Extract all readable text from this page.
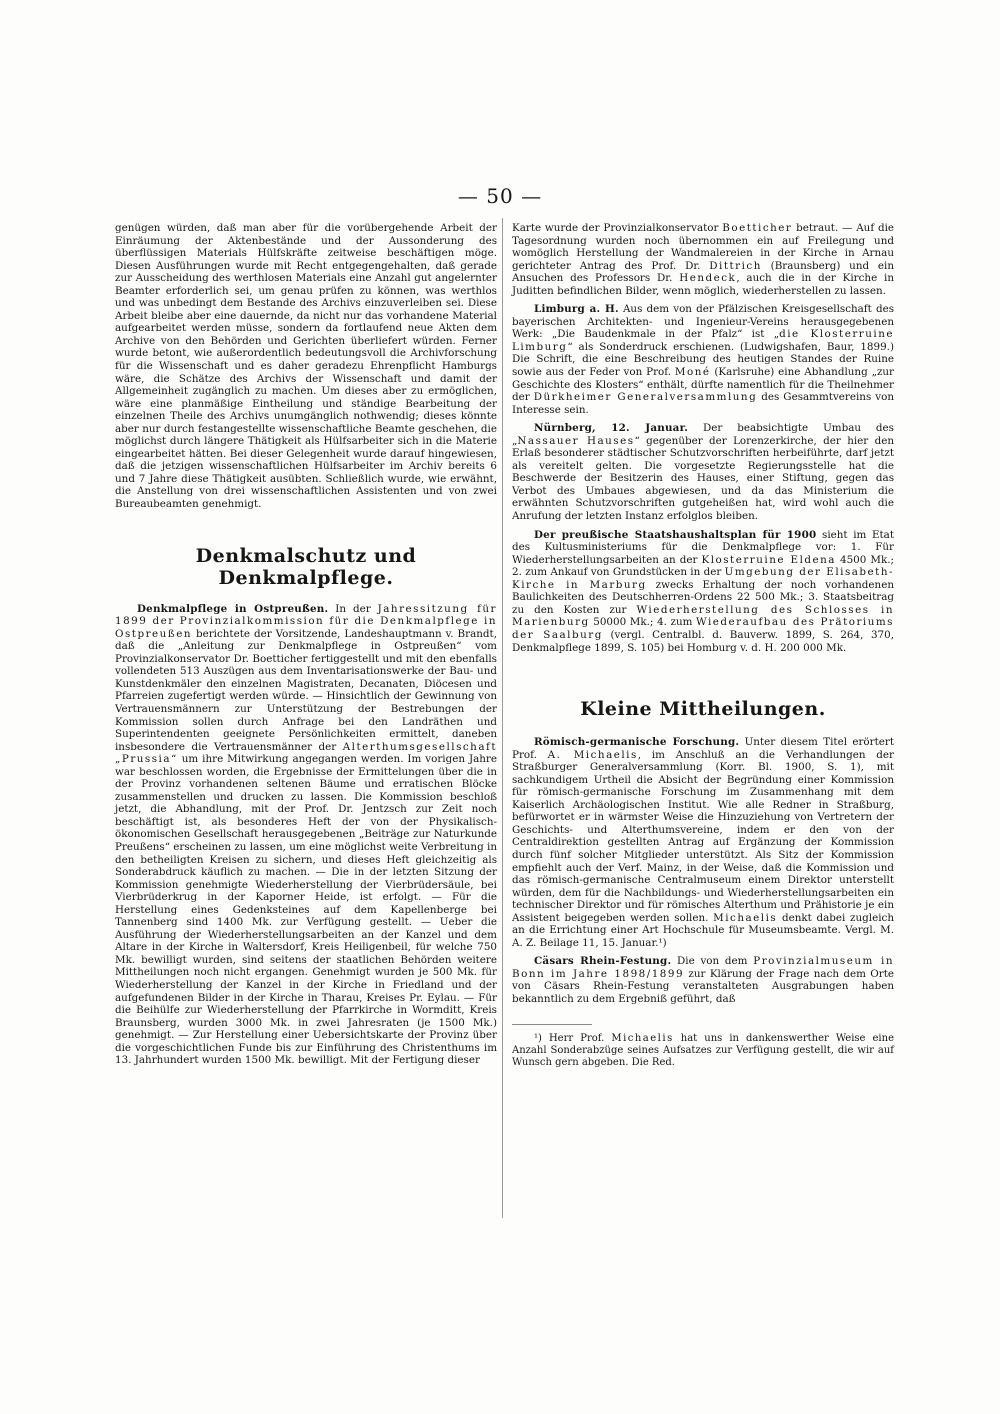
— 50 —

genügen würden, daß man aber für die vorübergehende Arbeit der Einräumung der Aktenbestände und der Aussonderung des überflüssigen Materials Hülfskräfte zeitweise beschäftigen möge. Diesen Ausführungen wurde mit Recht entgegengehalten, daß gerade zur Ausscheidung des werthlosen Materials eine Anzahl gut angelernter Beamter erforderlich sei, um genau prüfen zu können, was werthlos und was unbedingt dem Bestande des Archivs einzuverleiben sei. Diese Arbeit bleibe aber eine dauernde, da nicht nur das vorhandene Material aufgearbeitet werden müsse, sondern da fortlaufend neue Akten dem Archive von den Behörden und Gerichten überliefert würden. Ferner wurde betont, wie außerordentlich bedeutungsvoll die Archivforschung für die Wissenschaft und es daher geradezu Ehrenpflicht Hamburgs wäre, die Schätze des Archivs der Wissenschaft und damit der Allgemeinheit zugänglich zu machen. Um dieses aber zu ermöglichen, wäre eine planmäßige Eintheilung und ständige Bearbeitung der einzelnen Theile des Archivs unumgänglich nothwendig; dieses könnte aber nur durch festangestellte wissenschaftliche Beamte geschehen, die möglichst durch längere Thätigkeit als Hülfsarbeiter sich in die Materie eingearbeitet hätten. Bei dieser Gelegenheit wurde darauf hingewiesen, daß die jetzigen wissenschaftlichen Hülfsarbeiter im Archiv bereits 6 und 7 Jahre diese Thätigkeit ausübten. Schließlich wurde, wie erwähnt, die Anstellung von drei wissenschaftlichen Assistenten und von zwei Bureaubeamten genehmigt.

Denkmalschutz und Denkmalpflege.

Denkmalpflege in Ostpreußen. In der Jahressitzung für 1899 der Provinzialkommission für die Denkmalpflege in Ostpreußen berichtete der Vorsitzende, Landeshauptmann v. Brandt, daß die „Anleitung zur Denkmalpflege in Ostpreußen“ vom Provinzialkonservator Dr. Boetticher fertiggestellt und mit den ebenfalls vollendeten 513 Auszügen aus dem Inventarisationswerke der Bau- und Kunstdenkmäler den einzelnen Magistraten, Decanaten, Diöcesen und Pfarreien zugefertigt werden würde. — Hinsichtlich der Gewinnung von Vertrauensmännern zur Unterstützung der Bestrebungen der Kommission sollen durch Anfrage bei den Landräthen und Superintendenten geeignete Persönlichkeiten ermittelt, daneben insbesondere die Vertrauensmänner der Alterthumsgesellschaft „Prussia“ um ihre Mitwirkung angegangen werden. Im vorigen Jahre war beschlossen worden, die Ergebnisse der Ermittelungen über die in der Provinz vorhandenen seltenen Bäume und erratischen Blöcke zusammenstellen und drucken zu lassen. Die Kommission beschloß jetzt, die Abhandlung, mit der Prof. Dr. Jentzsch zur Zeit noch beschäftigt ist, als besonderes Heft der von der Physikalisch-ökonomischen Gesellschaft herausgegebenen „Beiträge zur Naturkunde Preußens“ erscheinen zu lassen, um eine möglichst weite Verbreitung in den betheiligten Kreisen zu sichern, und dieses Heft gleichzeitig als Sonderabdruck käuflich zu machen. — Die in der letzten Sitzung der Kommission genehmigte Wiederherstellung der Vierbrüdersäule, bei Vierbrüderkrug in der Kaporner Heide, ist erfolgt. — Für die Herstellung eines Gedenksteines auf dem Kapellenberge bei Tannenberg sind 1400 Mk. zur Verfügung gestellt. — Ueber die Ausführung der Wiederherstellungsarbeiten an der Kanzel und dem Altare in der Kirche in Waltersdorf, Kreis Heiligenbeil, für welche 750 Mk. bewilligt wurden, sind seitens der staatlichen Behörden weitere Mittheilungen noch nicht ergangen. Genehmigt wurden je 500 Mk. für Wiederherstellung der Kanzel in der Kirche in Friedland und der aufgefundenen Bilder in der Kirche in Tharau, Kreises Pr. Eylau. — Für die Beihülfe zur Wiederherstellung der Pfarrkirche in Wormditt, Kreis Braunsberg, wurden 3000 Mk. in zwei Jahresraten (je 1500 Mk.) genehmigt. — Zur Herstellung einer Uebersichtskarte der Provinz über die vorgeschichtlichen Funde bis zur Einführung des Christenthums im 13. Jahrhundert wurden 1500 Mk. bewilligt. Mit der Fertigung dieser

Karte wurde der Provinzialkonservator Boetticher betraut. — Auf die Tagesordnung wurden noch übernommen ein auf Freilegung und womöglich Herstellung der Wandmalereien in der Kirche in Arnau gerichteter Antrag des Prof. Dr. Dittrich (Braunsberg) und ein Ansuchen des Professors Dr. Hendeck, auch die in der Kirche in Juditten befindlichen Bilder, wenn möglich, wiederherstellen zu lassen.

Limburg a. H. Aus dem von der Pfälzischen Kreisgesellschaft des bayerischen Architekten- und Ingenieur-Vereins herausgegebenen Werk: „Die Baudenkmale in der Pfalz“ ist „die Klosterruine Limburg“ als Sonderdruck erschienen. (Ludwigshafen, Baur, 1899.) Die Schrift, die eine Beschreibung des heutigen Standes der Ruine sowie aus der Feder von Prof. Moné (Karlsruhe) eine Abhandlung „zur Geschichte des Klosters“ enthält, dürfte namentlich für die Theilnehmer der Dürkheimer Generalversammlung des Gesammtvereins von Interesse sein.

Nürnberg, 12. Januar. Der beabsichtigte Umbau des „Nassauer Hauses“ gegenüber der Lorenzerkirche, der hier den Erlaß besonderer städtischer Schutzvorschriften herbeiführte, darf jetzt als vereitelt gelten. Die vorgesetzte Regierungsstelle hat die Beschwerde der Besitzerin des Hauses, einer Stiftung, gegen das Verbot des Umbaues abgewiesen, und da das Ministerium die erwähnten Schutzvorschriften gutgeheißen hat, wird wohl auch die Anrufung der letzten Instanz erfolglos bleiben.

Der preußische Staatshaushaltsplan für 1900 sieht im Etat des Kultusministeriums für die Denkmalpflege vor: 1. Für Wiederherstellungsarbeiten an der Klosterruine Eldena 4500 Mk.; 2. zum Ankauf von Grundstücken in der Umgebung der Elisabeth-Kirche in Marburg zwecks Erhaltung der noch vorhandenen Baulichkeiten des Deutschherren-Ordens 22 500 Mk.; 3. Staatsbeitrag zu den Kosten zur Wiederherstellung des Schlosses in Marienburg 50000 Mk.; 4. zum Wiederaufbau des Prätoriums der Saalburg (vergl. Centralbl. d. Bauverw. 1899, S. 264, 370, Denkmalpflege 1899, S. 105) bei Homburg v. d. H. 200 000 Mk.

Kleine Mittheilungen.

Römisch-germanische Forschung. Unter diesem Titel erörtert Prof. A. Michaelis, im Anschluß an die Verhandlungen der Straßburger Generalversammlung (Korr. Bl. 1900, S. 1), mit sachkundigem Urtheil die Absicht der Begründung einer Kommission für römisch-germanische Forschung im Zusammenhang mit dem Kaiserlich Archäologischen Institut. Wie alle Redner in Straßburg, befürwortet er in wärmster Weise die Hinzuziehung von Vertretern der Geschichts- und Alterthumsvereine, indem er den von der Centraldirektion gestellten Antrag auf Ergänzung der Kommission durch fünf solcher Mitglieder unterstützt. Als Sitz der Kommission empfiehlt auch der Verf. Mainz, in der Weise, daß die Kommission und das römisch-germanische Centralmuseum einem Direktor unterstellt würden, dem für die Nachbildungs- und Wiederherstellungsarbeiten ein technischer Direktor und für römisches Alterthum und Prähistorie je ein Assistent beigegeben werden sollen. Michaelis denkt dabei zugleich an die Errichtung einer Art Hochschule für Museumsbeamte. Vergl. M. A. Z. Beilage 11, 15. Januar.¹)

Cäsars Rhein-Festung. Die von dem Provinzialmuseum in Bonn im Jahre 1898/1899 zur Klärung der Frage nach dem Orte von Cäsars Rhein-Festung veranstalteten Ausgrabungen haben bekanntlich zu dem Ergebniß geführt, daß

¹) Herr Prof. Michaelis hat uns in dankenswerther Weise eine Anzahl Sonderabzüge seines Aufsatzes zur Verfügung gestellt, die wir auf Wunsch gern abgeben. Die Red.
